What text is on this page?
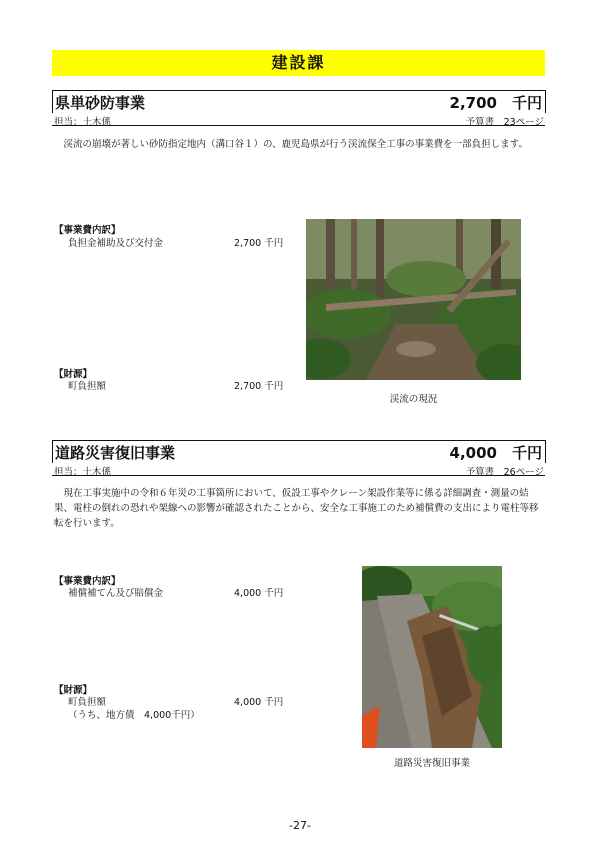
建設課
県単砂防事業	2,700　千円
担当：土木係	予算書　23ページ
渓流の崩壊が著しい砂防指定地内（溝口谷１）の、鹿児島県が行う渓流保全工事の事業費を一部負担します。
【事業費内訳】
負担金補助及び交付金	2,700 千円
【財源】
町負担額	2,700 千円
渓流の現況
道路災害復旧事業	4,000　千円
担当：土木係	予算書　26ページ
現在工事実施中の令和６年災の工事箇所において、仮設工事やクレーン架設作業等に係る詳細調査・測量の結果、電柱の倒れの恐れや架線への影響が確認されたことから、安全な工事施工のため補償費の支出により電柱等移転を行います。
【事業費内訳】
補償補てん及び賠償金	4,000 千円
【財源】
町負担額	4,000 千円
（うち、地方債　4,000千円）
道路災害復旧事業
-27-
